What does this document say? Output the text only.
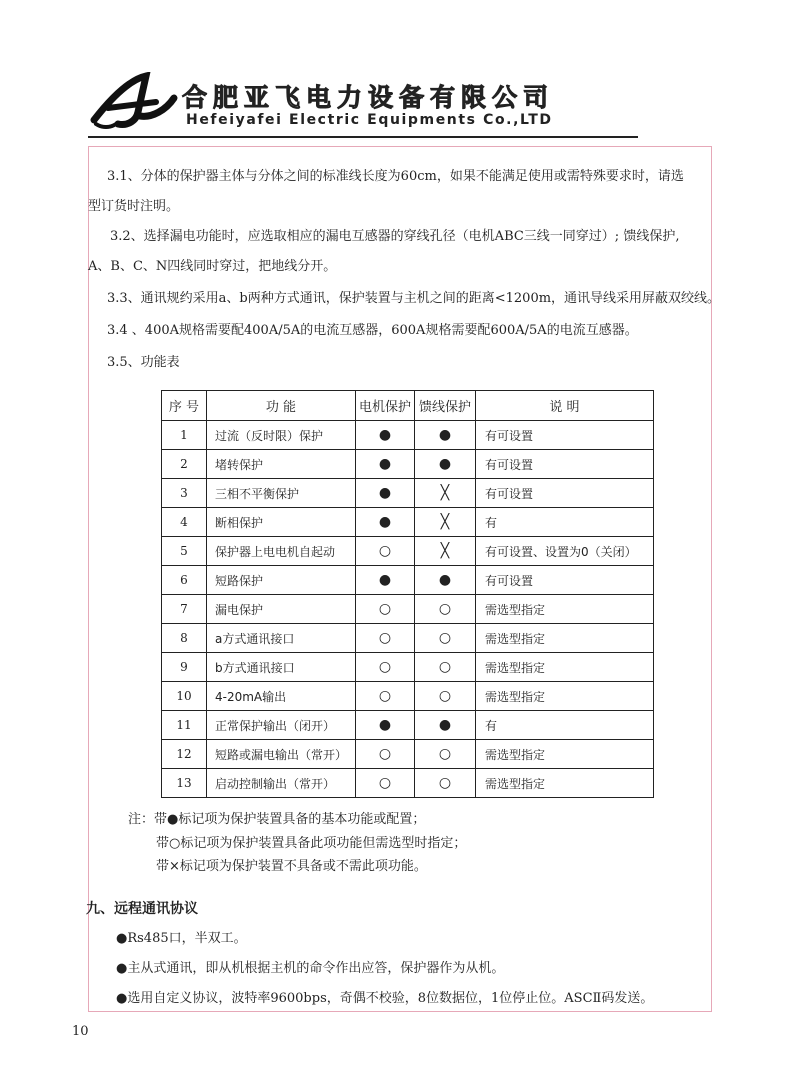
合肥亚飞电力设备有限公司
Hefeiyafei Electric Equipments Co.,LTD
3.1、分体的保护器主体与分体之间的标准线长度为60cm，如果不能满足使用或需特殊要求时，请选
型订货时注明。
3.2、选择漏电功能时，应选取相应的漏电互感器的穿线孔径（电机ABC三线一同穿过）; 馈线保护,
A、B、C、N四线同时穿过，把地线分开。
3.3、通讯规约采用a、b两种方式通讯，保护装置与主机之间的距离<1200m，通讯导线采用屏蔽双绞线。
3.4 、400A规格需要配400A/5A的电流互感器，600A规格需要配600A/5A的电流互感器。
3.5、功能表
序 号	功 能	电机保护	馈线保护	说 明
1	过流（反时限）保护	●	●	有可设置
2	堵转保护	●	●	有可设置
3	三相不平衡保护	●	╳	有可设置
4	断相保护	●	╳	有
5	保护器上电电机自起动	○	╳	有可设置、设置为0（关闭）
6	短路保护	●	●	有可设置
7	漏电保护	○	○	需选型指定
8	a方式通讯接口	○	○	需选型指定
9	b方式通讯接口	○	○	需选型指定
10	4-20mA输出	○	○	需选型指定
11	正常保护输出（闭开）	●	●	有
12	短路或漏电输出（常开）	○	○	需选型指定
13	启动控制输出（常开）	○	○	需选型指定
注：带●标记项为保护装置具备的基本功能或配置；
带○标记项为保护装置具备此项功能但需选型时指定；
带×标记项为保护装置不具备或不需此项功能。
九、远程通讯协议
●Rs485口，半双工。
●主从式通讯，即从机根据主机的命令作出应答，保护器作为从机。
●选用自定义协议，波特率9600bps，奇偶不校验，8位数据位，1位停止位。ASCⅡ码发送。
10
